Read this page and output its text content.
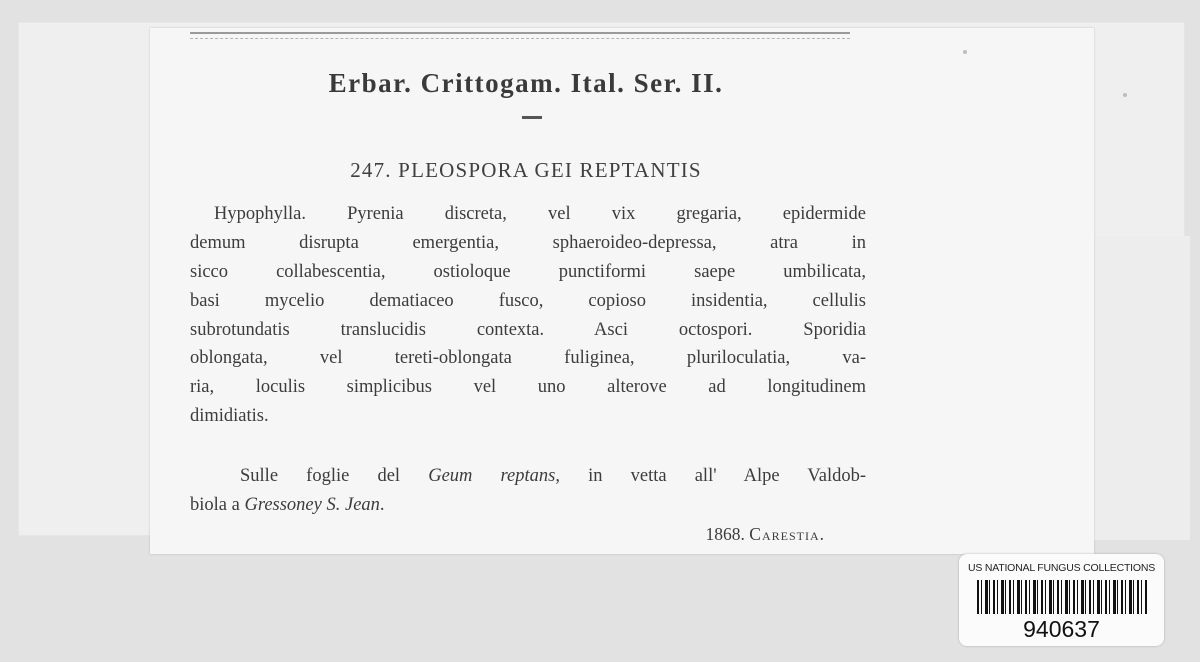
Erbar. Crittogam. Ital. Ser. II.
247. PLEOSPORA GEI REPTANTIS
Hypophylla. Pyrenia discreta, vel vix gregaria, epidermide
demum disrupta emergentia, sphaeroideo-depressa, atra in
sicco collabescentia, ostioloque punctiformi saepe umbilicata,
basi mycelio dematiaceo fusco, copioso insidentia, cellulis
subrotundatis translucidis contexta. Asci octospori. Sporidia
oblongata, vel tereti-oblongata fuliginea, pluriloculatia, va-
ria, loculis simplicibus vel uno alterove ad longitudinem
dimidiatis.
Sulle foglie del Geum reptans, in vetta all' Alpe Valdob-
biola a Gressoney S. Jean.
1868. Carestia.
US NATIONAL FUNGUS COLLECTIONS
940637
